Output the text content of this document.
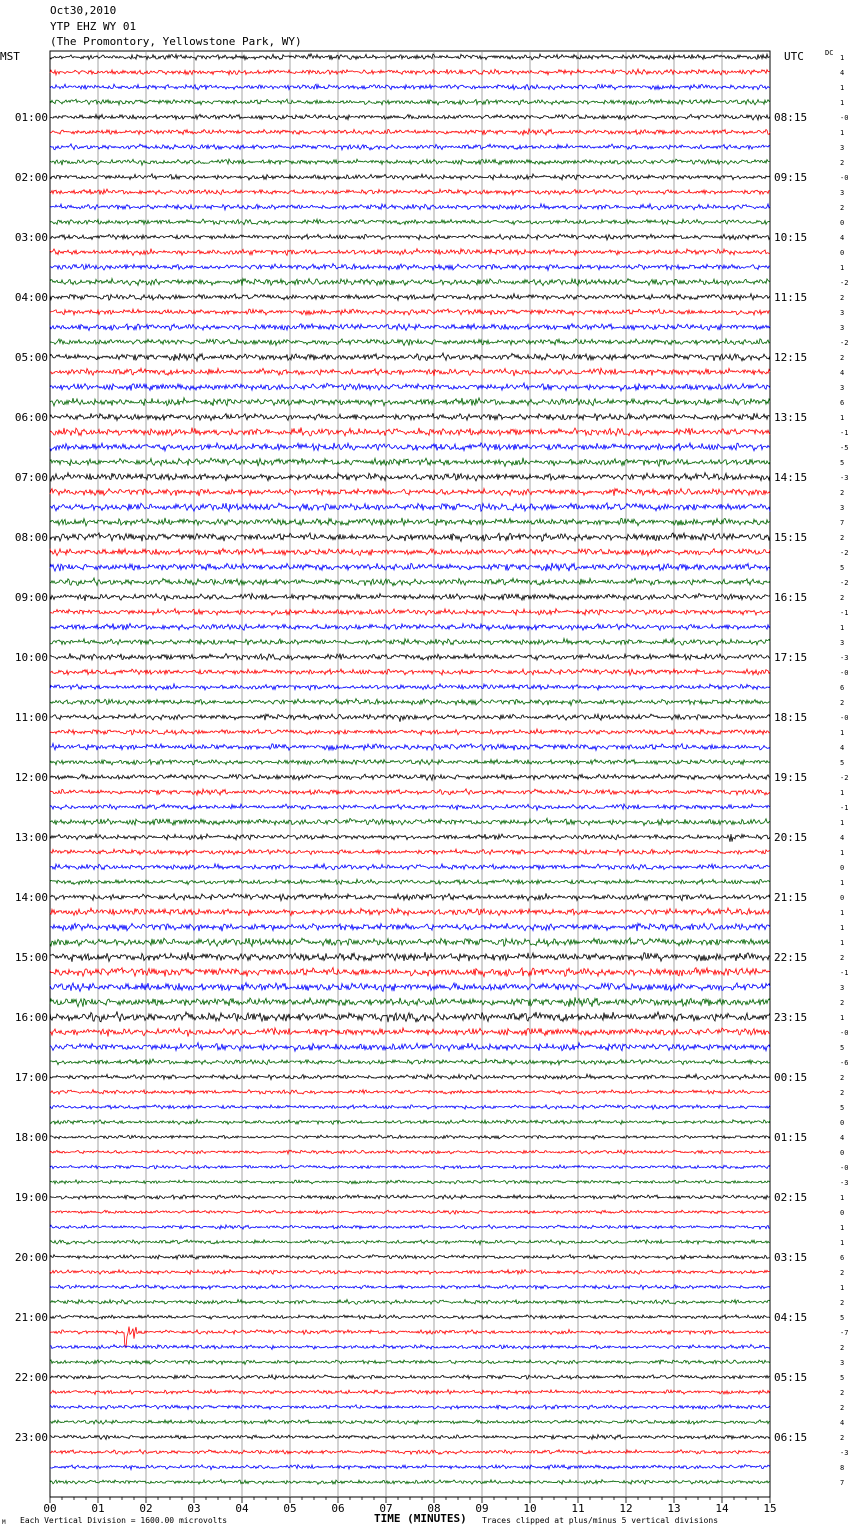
Oct30,2010
YTP EHZ WY 01
(The Promontory, Yellowstone Park, WY)
MST	UTC	DC
1
4
1
1
-0
1
3
2
-0
3
2
0
4
0
1
-2
2
3
3
-2
2
4
3
6
1
-1
-5
5
-3
2
3
7
2
-2
5
-2
2
-1
1
3
-3
-0
6
2
-0
1
4
5
-2
1
-1
1
4
1
0
1
0
1
1
1
2
-1
3
2
1
-0
5
-6
2
2
5
0
4
0
-0
-3
1
0
1
1
6
2
1
2
5
-7
2
3
5
2
2
4
2
-3
8
7
01:00
02:00
03:00
04:00
05:00
06:00
07:00
08:00
09:00
10:00
11:00
12:00
13:00
14:00
15:00
16:00
17:00
18:00
19:00
20:00
21:00
22:00
23:00
08:15
09:15
10:15
11:15
12:15
13:15
14:15
15:15
16:15
17:15
18:15
19:15
20:15
21:15
22:15
23:15
00:15
01:15
02:15
03:15
04:15
05:15
06:15
00	01	02	03	04	05	06	07	08	09	10	11	12	13	14	15
M Each Vertical Division = 1600.00 microvolts	TIME (MINUTES) Traces clipped at plus/minus 5 vertical divisions
